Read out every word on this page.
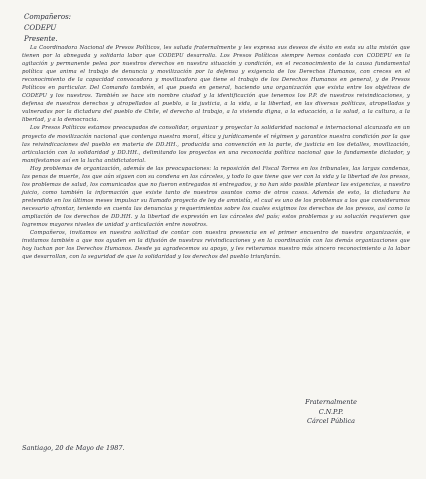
Compañeros:
CODEPU
Presente.

La Coordinadora Nacional de Presos Políticos, les saluda fraternalmente y les expresa sus deseos de éxito en esta su alta misión que tienen por la abnegada y solidaria labor que CODEPU desarrolla. Los Presos Políticos siempre hemos contado con CODEPU en la agitación y permanente pelea por nuestros derechos en nuestra situación y condición, en el reconocimiento de la causa fundamental política que anima el trabajo de denuncia y movilización por la defensa y exigencia de los Derechos Humanos, con creces en el reconocimiento de la capacidad convocadora y movilizadora que tiene el trabajo de los Derechos Humanos en general, y de Presos Políticos en particular. Del Comando también, el que pueda en general, haciendo una organización que exista entre los objetivos de CODEPU y los nuestros. También se hace sin nombre ciudad y la identificación que tenemos los P.P. de nuestros reivindicaciones, y defensa de nuestros derechos y atropellados al pueblo, a la justicia, a la vida, a la libertad, en las diversas políticas, atropelladas y vulneradas por la dictadura del pueblo de Chile, el derecho al trabajo, a la vivienda digna, a la educación, a la salud, a la cultura, a la libertad, y a la democracia.

Los Presos Políticos estamos preocupados de consolidar, organizar y proyectar la solidaridad nacional e internacional alcanzada en un proyecto de movilización nacional que contenga nuestra moral, ética y jurídicamente el régimen y garantice nuestra condición por la que las reivindicaciones del pueblo en materia de DD.HH., producida una convención en la parte, de justicia en los detalles, movilización, articulación con la solidaridad y DD.HH., delimitando los proyectos en una reconocida política nacional que lo fundamente dictador, y manifestamos así en la lucha antidictatorial.

Hoy problemas de organización, además de las preocupaciones: la reposición del Fiscal Torres en los tribunales, las largas condenas, las penas de muerte, los que aún siguen con su condena en las cárceles, y todo lo que tiene que ver con la vida y la libertad de los presos, los problemas de salud, los comunicados que no fueron entregados ni entregados, y no han sido posible plantear las exigencias, a nuestro juicio, como también la información que existe tanto de nuestros asuntos como de otros casos. Además de esto, la dictadura ha pretendido en los últimos meses impulsar su llamado proyecto de ley de amnistía, el cual es uno de los problemas a los que consideramos necesario afrontar, teniendo en cuenta las denuncias y requerimientos sobre los cuales exigimos los derechos de los presos, así como la ampliación de los derechos de DD.HH. y la libertad de expresión en las cárceles del país; estos problemas y su solución requieren que logremos mayores niveles de unidad y articulación entre nosotros.

Compañeros, invitamos en nuestra solicitud de contar con nuestra presencia en el primer encuentro de nuestra organización, e invitamos también a que nos ayuden en la difusión de nuestras reivindicaciones y en la coordinación con las demás organizaciones que hoy luchan por los Derechos Humanos. Desde ya agradecemos su apoyo, y les reiteramos nuestro más sincero reconocimiento a la labor que desarrollan, con la seguridad de que la solidaridad y los derechos del pueblo triunfarán.

Fraternalmente
C.N.P.P.
Cárcel Pública
Santiago, 20 de Mayo de 1987.
